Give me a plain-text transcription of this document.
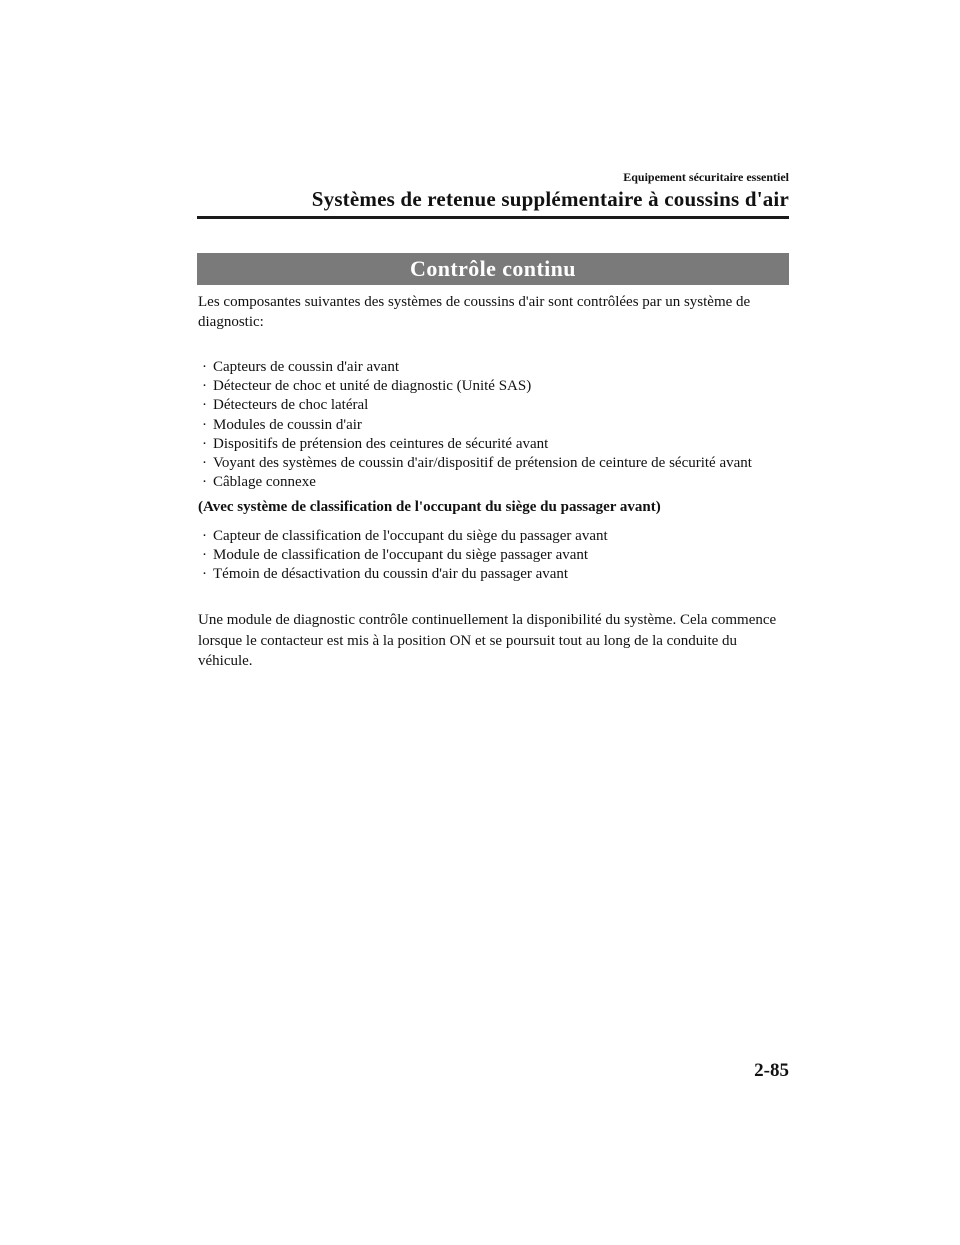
Equipement sécuritaire essentiel
Systèmes de retenue supplémentaire à coussins d'air
Contrôle continu

Les composantes suivantes des systèmes de coussins d'air sont contrôlées par un système de diagnostic:

· Capteurs de coussin d'air avant
· Détecteur de choc et unité de diagnostic (Unité SAS)
· Détecteurs de choc latéral
· Modules de coussin d'air
· Dispositifs de prétension des ceintures de sécurité avant
· Voyant des systèmes de coussin d'air/dispositif de prétension de ceinture de sécurité avant
· Câblage connexe
(Avec système de classification de l'occupant du siège du passager avant)
· Capteur de classification de l'occupant du siège du passager avant
· Module de classification de l'occupant du siège passager avant
· Témoin de désactivation du coussin d'air du passager avant

Une module de diagnostic contrôle continuellement la disponibilité du système. Cela commence lorsque le contacteur est mis à la position ON et se poursuit tout au long de la conduite du véhicule.

2-85
